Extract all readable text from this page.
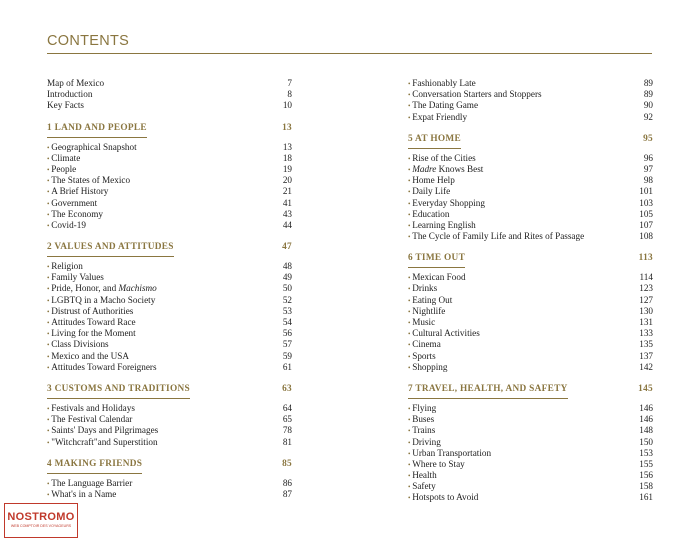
CONTENTS
Map of Mexico	7
Introduction	8
Key Facts	10
1 LAND AND PEOPLE	13
• Geographical Snapshot	13
• Climate	18
• People	19
• The States of Mexico	20
• A Brief History	21
• Government	41
• The Economy	43
• Covid-19	44
2 VALUES AND ATTITUDES	47
• Religion	48
• Family Values	49
• Pride, Honor, and Machismo	50
• LGBTQ in a Macho Society	52
• Distrust of Authorities	53
• Attitudes Toward Race	54
• Living for the Moment	56
• Class Divisions	57
• Mexico and the USA	59
• Attitudes Toward Foreigners	61
3 CUSTOMS AND TRADITIONS	63
• Festivals and Holidays	64
• The Festival Calendar	65
• Saints' Days and Pilgrimages	78
• "Witchcraft"and Superstition	81
4 MAKING FRIENDS	85
• The Language Barrier	86
• What's in a Name	87
• Fashionably Late	89
• Conversation Starters and Stoppers	89
• The Dating Game	90
• Expat Friendly	92
5 AT HOME	95
• Rise of the Cities	96
• Madre Knows Best	97
• Home Help	98
• Daily Life	101
• Everyday Shopping	103
• Education	105
• Learning English	107
• The Cycle of Family Life and Rites of Passage	108
6 TIME OUT	113
• Mexican Food	114
• Drinks	123
• Eating Out	127
• Nightlife	130
• Music	131
• Cultural Activities	133
• Cinema	135
• Sports	137
• Shopping	142
7 TRAVEL, HEALTH, AND SAFETY	145
• Flying	146
• Buses	146
• Trains	148
• Driving	150
• Urban Transportation	153
• Where to Stay	155
• Health	156
• Safety	158
• Hotspots to Avoid	161
NOSTROMO
WEB COMPTOIR DES VOYAGEURS
